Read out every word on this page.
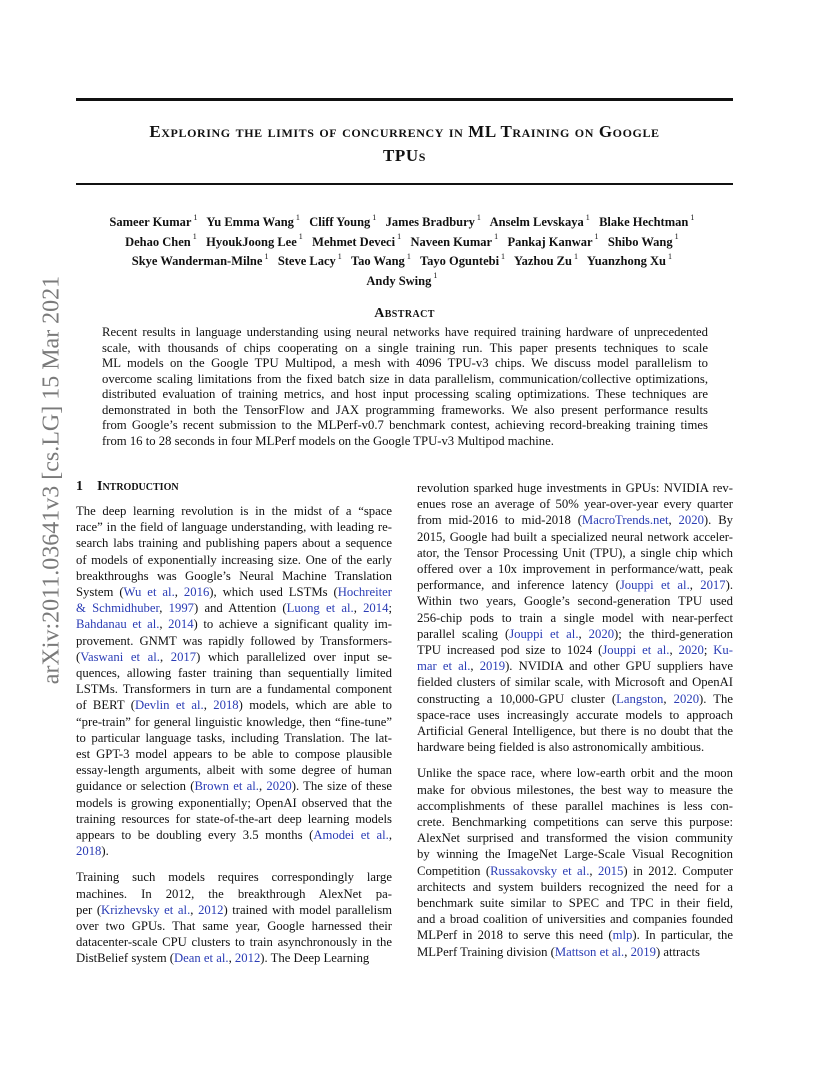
arXiv:2011.03641v3 [cs.LG] 15 Mar 2021
Exploring the limits of concurrency in ML Training on Google
TPUs
Sameer Kumar $^1$ Yu Emma Wang $^1$ Cliff Young $^1$ James Bradbury $^1$ Anselm Levskaya $^1$ Blake Hechtman $^1$
Dehao Chen $^1$ HyoukJoong Lee $^1$ Mehmet Deveci $^1$ Naveen Kumar $^1$ Pankaj Kanwar $^1$ Shibo Wang $^1$
Skye Wanderman-Milne $^1$ Steve Lacy $^1$ Tao Wang $^1$ Tayo Oguntebi $^1$ Yazhou Zu $^1$ Yuanzhong Xu $^1$
Andy Swing $^1$
Abstract
Recent results in language understanding using neural networks have required training hardware of unprecedented
scale, with thousands of chips cooperating on a single training run. This paper presents techniques to scale
ML models on the Google TPU Multipod, a mesh with 4096 TPU-v3 chips. We discuss model parallelism to
overcome scaling limitations from the fixed batch size in data parallelism, communication/collective optimizations,
distributed evaluation of training metrics, and host input processing scaling optimizations. These techniques are
demonstrated in both the TensorFlow and JAX programming frameworks. We also present performance results
from Google’s recent submission to the MLPerf-v0.7 benchmark contest, achieving record-breaking training times
from 16 to 28 seconds in four MLPerf models on the Google TPU-v3 Multipod machine.
1 Introduction
The deep learning revolution is in the midst of a “space
race” in the field of language understanding, with leading re-
search labs training and publishing papers about a sequence
of models of exponentially increasing size. One of the early
breakthroughs was Google’s Neural Machine Translation
System (Wu et al., 2016), which used LSTMs (Hochreiter
& Schmidhuber, 1997) and Attention (Luong et al., 2014;
Bahdanau et al., 2014) to achieve a significant quality im-
provement. GNMT was rapidly followed by Transformers-
(Vaswani et al., 2017) which parallelized over input se-
quences, allowing faster training than sequentially limited
LSTMs. Transformers in turn are a fundamental component
of BERT (Devlin et al., 2018) models, which are able to
“pre-train” for general linguistic knowledge, then “fine-tune”
to particular language tasks, including Translation. The lat-
est GPT-3 model appears to be able to compose plausible
essay-length arguments, albeit with some degree of human
guidance or selection (Brown et al., 2020). The size of these
models is growing exponentially; OpenAI observed that the
training resources for state-of-the-art deep learning models
appears to be doubling every 3.5 months (Amodei et al.,
2018).
Training such models requires correspondingly large
machines. In 2012, the breakthrough AlexNet pa-
per (Krizhevsky et al., 2012) trained with model parallelism
over two GPUs. That same year, Google harnessed their
datacenter-scale CPU clusters to train asynchronously in the
DistBelief system (Dean et al., 2012). The Deep Learning
revolution sparked huge investments in GPUs: NVIDIA rev-
enues rose an average of 50% year-over-year every quarter
from mid-2016 to mid-2018 (MacroTrends.net, 2020). By
2015, Google had built a specialized neural network acceler-
ator, the Tensor Processing Unit (TPU), a single chip which
offered over a 10x improvement in performance/watt, peak
performance, and inference latency (Jouppi et al., 2017).
Within two years, Google’s second-generation TPU used
256-chip pods to train a single model with near-perfect
parallel scaling (Jouppi et al., 2020); the third-generation
TPU increased pod size to 1024 (Jouppi et al., 2020; Ku-
mar et al., 2019). NVIDIA and other GPU suppliers have
fielded clusters of similar scale, with Microsoft and OpenAI
constructing a 10,000-GPU cluster (Langston, 2020). The
space-race uses increasingly accurate models to approach
Artificial General Intelligence, but there is no doubt that the
hardware being fielded is also astronomically ambitious.
Unlike the space race, where low-earth orbit and the moon
make for obvious milestones, the best way to measure the
accomplishments of these parallel machines is less con-
crete. Benchmarking competitions can serve this purpose:
AlexNet surprised and transformed the vision community
by winning the ImageNet Large-Scale Visual Recognition
Competition (Russakovsky et al., 2015) in 2012. Computer
architects and system builders recognized the need for a
benchmark suite similar to SPEC and TPC in their field,
and a broad coalition of universities and companies founded
MLPerf in 2018 to serve this need (mlp). In particular, the
MLPerf Training division (Mattson et al., 2019) attracts
